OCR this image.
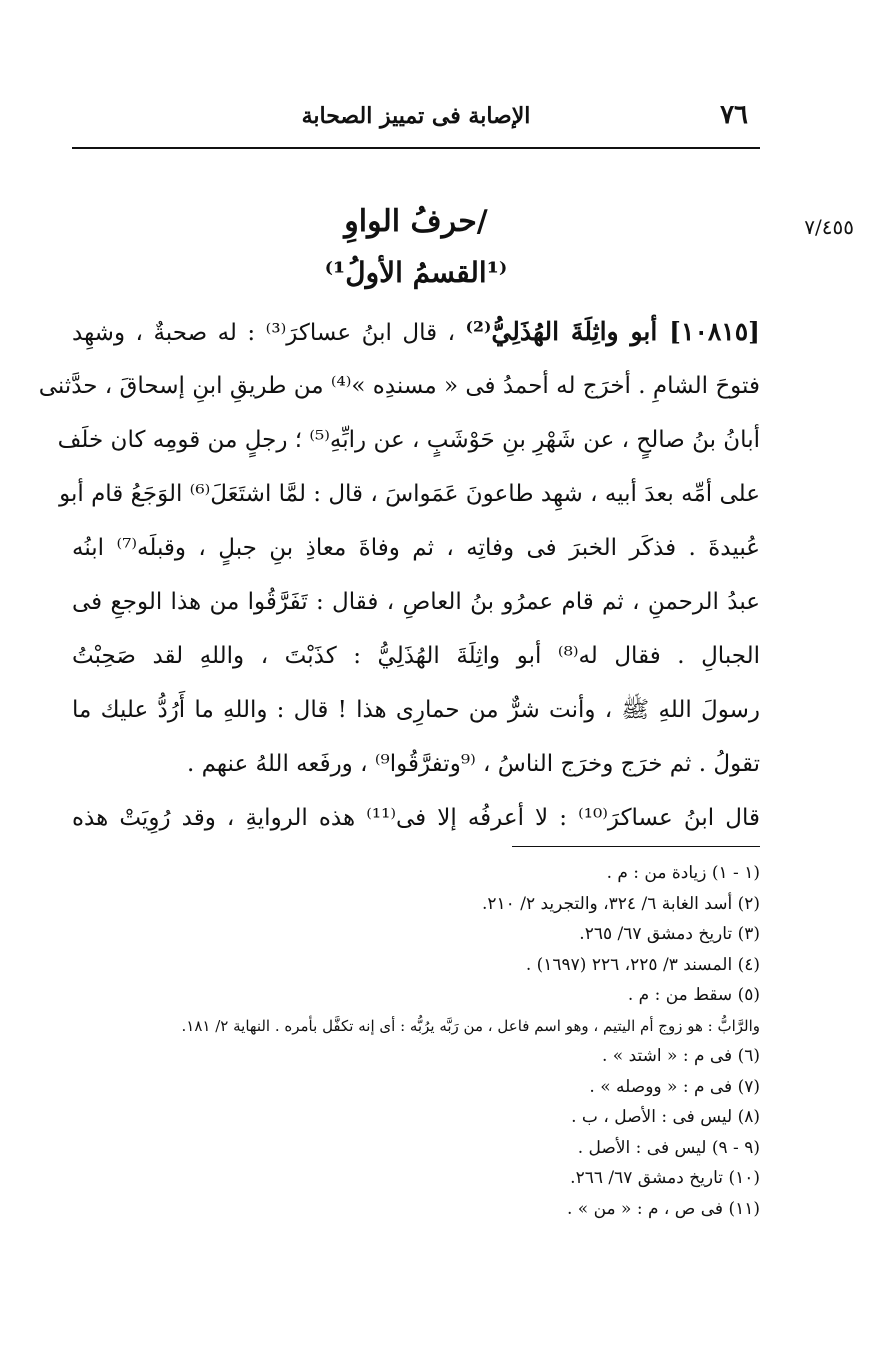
٧٦
الإصابة فى تمييز الصحابة
٧/٤٥٥
/حرفُ الواوِ
⁽¹القسمُ الأولُ¹⁾
[١٠٨١٥] أبو واثِلَةَ الهُذَلِيُّ⁽²⁾ ، قال ابنُ عساكرَ⁽³⁾ : له صحبةٌ ، وشهِد
فتوحَ الشامِ . أخرَج له أحمدُ فى « مسندِه »⁽⁴⁾ من طريقِ ابنِ إسحاقَ ، حدَّثنى
أبانُ بنُ صالحٍ ، عن شَهْرِ بنِ حَوْشَبٍ ، عن رابِّهِ⁽⁵⁾ ؛ رجلٍ من قومِه كان خلَف
على أمِّه بعدَ أبيه ، شهِد طاعونَ عَمَواسَ ، قال : لمَّا اشتَعَلَ⁽⁶⁾ الوَجَعُ قام أبو
عُبيدةَ . فذكَر الخبرَ فى وفاتِه ، ثم وفاةَ معاذِ بنِ جبلٍ ، وقبلَه⁽⁷⁾ ابنُه
عبدُ الرحمنِ ، ثم قام عمرُو بنُ العاصِ ، فقال : تَفَرَّقُوا من هذا الوجعِ فى
الجبالِ . فقال له⁽⁸⁾ أبو واثِلَةَ الهُذَلِيُّ : كذَبْتَ ، واللهِ لقد صَحِبْتُ
رسولَ اللهِ ﷺ ، وأنت شرٌّ من حمارِى هذا ! قال : واللهِ ما أَرُدُّ عليك ما
تقولُ . ثم خرَج وخرَج الناسُ ، ⁽⁹وتفرَّقُوا⁹⁾ ، ورفَعه اللهُ عنهم .
قال ابنُ عساكرَ⁽¹⁰⁾ : لا أعرفُه إلا فى⁽¹¹⁾ هذه الروايةِ ، وقد رُوِيَتْ هذه
(١ - ١) زيادة من : م .
(٢) أسد الغابة ٦/ ٣٢٤، والتجريد ٢/ ٢١٠.
(٣) تاريخ دمشق ٦٧/ ٢٦٥.
(٤) المسند ٣/ ٢٢٥، ٢٢٦ (١٦٩٧) .
(٥) سقط من : م .
والرَّابُّ : هو زوج أم اليتيم ، وهو اسم فاعل ، من رَبَّه يرُبُّه : أى إنه تكفَّل بأمره . النهاية ٢/ ١٨١.
(٦) فى م : « اشتد » .
(٧) فى م : « ووصله » .
(٨) ليس فى : الأصل ، ب .
(٩ - ٩) ليس فى : الأصل .
(١٠) تاريخ دمشق ٦٧/ ٢٦٦.
(١١) فى ص ، م : « من » .
